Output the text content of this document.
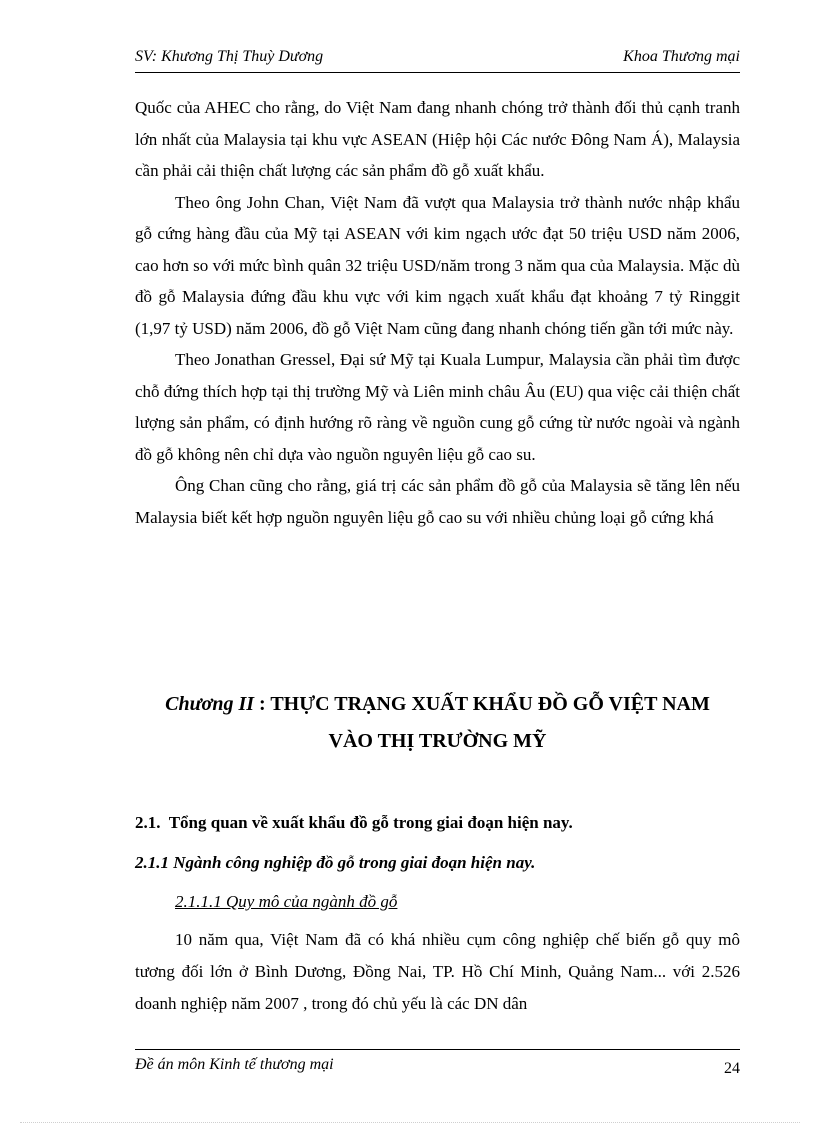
SV: Khương Thị Thuỳ Dương	Khoa Thương mại

Quốc của AHEC cho rằng, do Việt Nam đang nhanh chóng trở thành đối thủ cạnh tranh lớn nhất của Malaysia tại khu vực ASEAN (Hiệp hội Các nước Đông Nam Á), Malaysia cần phải cải thiện chất lượng các sản phẩm đồ gỗ xuất khẩu.

Theo ông John Chan, Việt Nam đã vượt qua Malaysia trở thành nước nhập khẩu gỗ cứng hàng đầu của Mỹ tại ASEAN với kim ngạch ước đạt 50 triệu USD năm 2006, cao hơn so với mức bình quân 32 triệu USD/năm trong 3 năm qua của Malaysia. Mặc dù đồ gỗ Malaysia đứng đầu khu vực với kim ngạch xuất khẩu đạt khoảng 7 tỷ Ringgit (1,97 tỷ USD) năm 2006, đồ gỗ Việt Nam cũng đang nhanh chóng tiến gần tới mức này.

Theo Jonathan Gressel, Đại sứ Mỹ tại Kuala Lumpur, Malaysia cần phải tìm được chỗ đứng thích hợp tại thị trường Mỹ và Liên minh châu Âu (EU) qua việc cải thiện chất lượng sản phẩm, có định hướng rõ ràng về nguồn cung gỗ cứng từ nước ngoài và ngành đồ gỗ không nên chỉ dựa vào nguồn nguyên liệu gỗ cao su.

Ông Chan cũng cho rằng, giá trị các sản phẩm đồ gỗ của Malaysia sẽ tăng lên nếu Malaysia biết kết hợp nguồn nguyên liệu gỗ cao su với nhiều chủng loại gỗ cứng khá

Chương II : THỰC TRẠNG XUẤT KHẨU ĐỒ GỖ VIỆT NAM
VÀO THỊ TRƯỜNG MỸ
2.1.  Tổng quan về xuất khẩu đồ gỗ trong giai đoạn hiện nay.
2.1.1 Ngành công nghiệp đồ gỗ trong giai đoạn hiện nay.
2.1.1.1 Quy mô của ngành đồ gỗ

10 năm qua, Việt Nam đã có khá nhiều cụm công nghiệp chế biến gỗ quy mô tương đối lớn ở Bình Dương, Đồng Nai, TP. Hồ Chí Minh, Quảng Nam... với 2.526 doanh nghiệp năm 2007 , trong đó chủ yếu là các DN dân

Đề án môn Kinh tế thương mại	24
